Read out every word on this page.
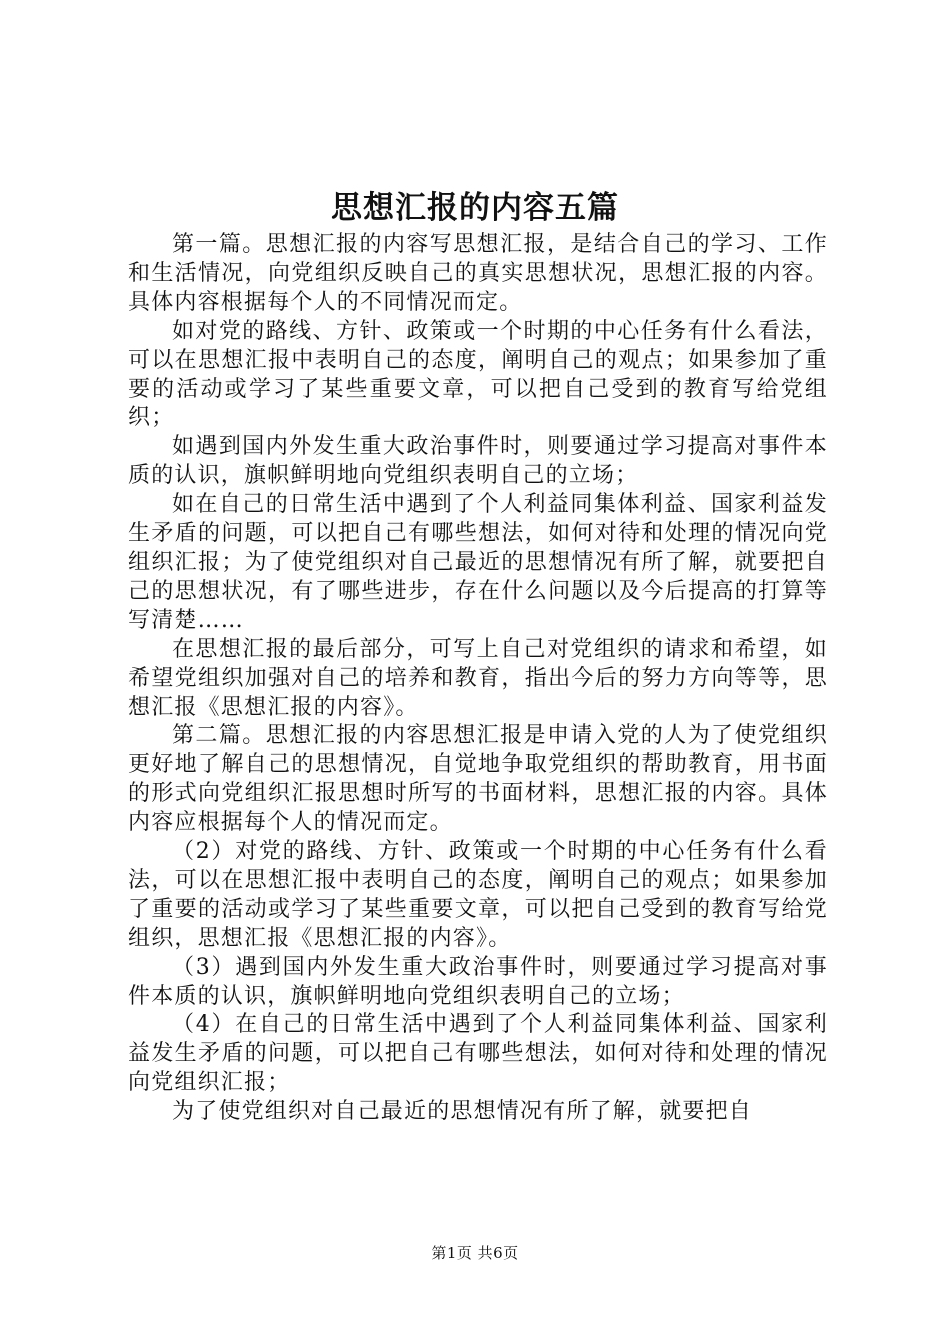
思想汇报的内容五篇

第一篇。思想汇报的内容写思想汇报，是结合自己的学习、工作和生活情况，向党组织反映自己的真实思想状况，思想汇报的内容。具体内容根据每个人的不同情况而定。

如对党的路线、方针、政策或一个时期的中心任务有什么看法，可以在思想汇报中表明自己的态度，阐明自己的观点；如果参加了重要的活动或学习了某些重要文章，可以把自己受到的教育写给党组织；

如遇到国内外发生重大政治事件时，则要通过学习提高对事件本质的认识，旗帜鲜明地向党组织表明自己的立场；

如在自己的日常生活中遇到了个人利益同集体利益、国家利益发生矛盾的问题，可以把自己有哪些想法，如何对待和处理的情况向党组织汇报；为了使党组织对自己最近的思想情况有所了解，就要把自己的思想状况，有了哪些进步，存在什么问题以及今后提高的打算等写清楚……

在思想汇报的最后部分，可写上自己对党组织的请求和希望，如希望党组织加强对自己的培养和教育，指出今后的努力方向等等，思想汇报《思想汇报的内容》。

第二篇。思想汇报的内容思想汇报是申请入党的人为了使党组织更好地了解自己的思想情况，自觉地争取党组织的帮助教育，用书面的形式向党组织汇报思想时所写的书面材料，思想汇报的内容。具体内容应根据每个人的情况而定。

（2）对党的路线、方针、政策或一个时期的中心任务有什么看法，可以在思想汇报中表明自己的态度，阐明自己的观点；如果参加了重要的活动或学习了某些重要文章，可以把自己受到的教育写给党组织，思想汇报《思想汇报的内容》。

（3）遇到国内外发生重大政治事件时，则要通过学习提高对事件本质的认识，旗帜鲜明地向党组织表明自己的立场；

（4）在自己的日常生活中遇到了个人利益同集体利益、国家利益发生矛盾的问题，可以把自己有哪些想法，如何对待和处理的情况向党组织汇报；

为了使党组织对自己最近的思想情况有所了解，就要把自

第1页 共6页
